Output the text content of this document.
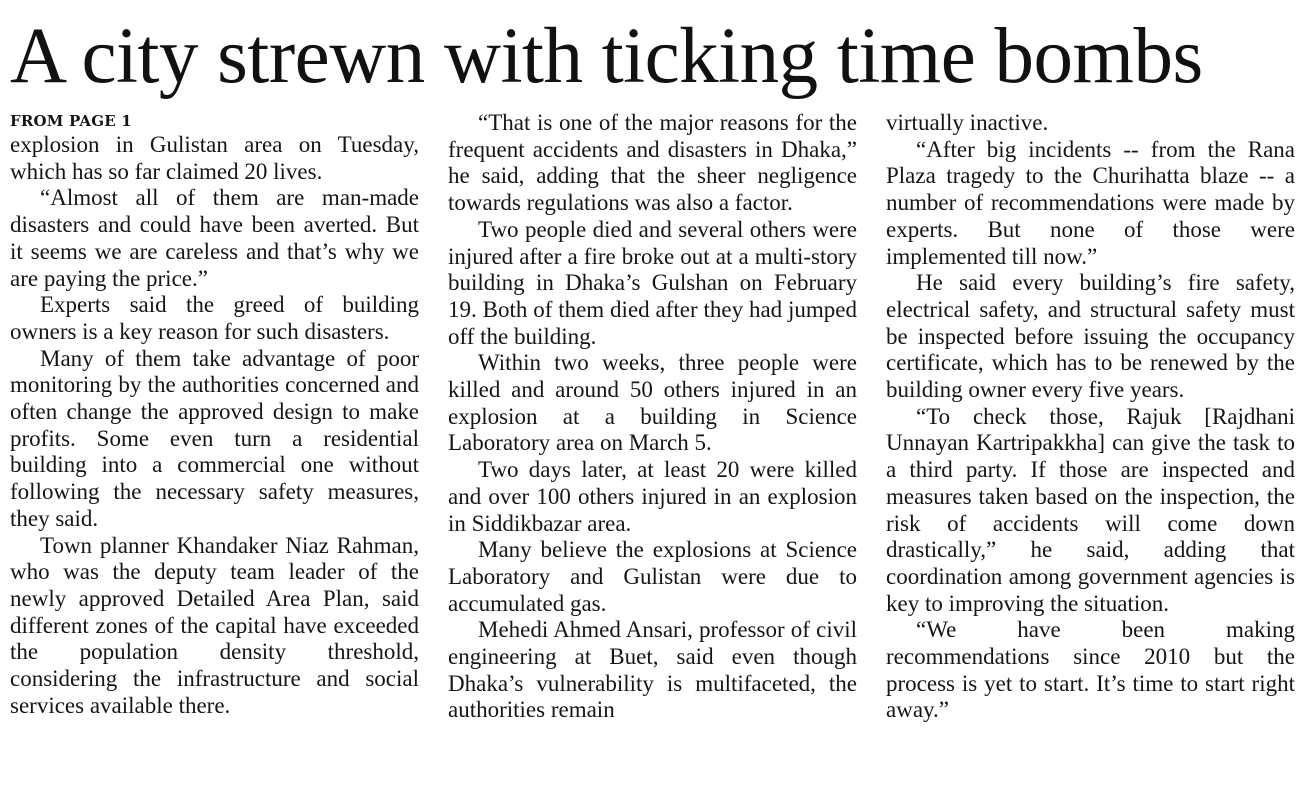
A city strewn with ticking time bombs
FROM PAGE 1

explosion in Gulistan area on Tuesday, which has so far claimed 20 lives.

“Almost all of them are man-made disasters and could have been averted. But it seems we are careless and that’s why we are paying the price.”

Experts said the greed of building owners is a key reason for such disasters.

Many of them take advantage of poor monitoring by the authorities concerned and often change the approved design to make profits. Some even turn a residential building into a commercial one without following the necessary safety measures, they said.

Town planner Khandaker Niaz Rahman, who was the deputy team leader of the newly approved Detailed Area Plan, said different zones of the capital have exceeded the population density threshold, considering the infrastructure and social services available there.

“That is one of the major reasons for the frequent accidents and disasters in Dhaka,” he said, adding that the sheer negligence towards regulations was also a factor.

Two people died and several others were injured after a fire broke out at a multi-story building in Dhaka’s Gulshan on February 19. Both of them died after they had jumped off the building.

Within two weeks, three people were killed and around 50 others injured in an explosion at a building in Science Laboratory area on March 5.

Two days later, at least 20 were killed and over 100 others injured in an explosion in Siddikbazar area.

Many believe the explosions at Science Laboratory and Gulistan were due to accumulated gas.

Mehedi Ahmed Ansari, professor of civil engineering at Buet, said even though Dhaka’s vulnerability is multifaceted, the authorities remain

virtually inactive.

“After big incidents -- from the Rana Plaza tragedy to the Churihatta blaze -- a number of recommendations were made by experts. But none of those were implemented till now.”

He said every building’s fire safety, electrical safety, and structural safety must be inspected before issuing the occupancy certificate, which has to be renewed by the building owner every five years.

“To check those, Rajuk [Rajdhani Unnayan Kartripakkha] can give the task to a third party. If those are inspected and measures taken based on the inspection, the risk of accidents will come down drastically,” he said, adding that coordination among government agencies is key to improving the situation.

“We have been making recommendations since 2010 but the process is yet to start. It’s time to start right away.”
